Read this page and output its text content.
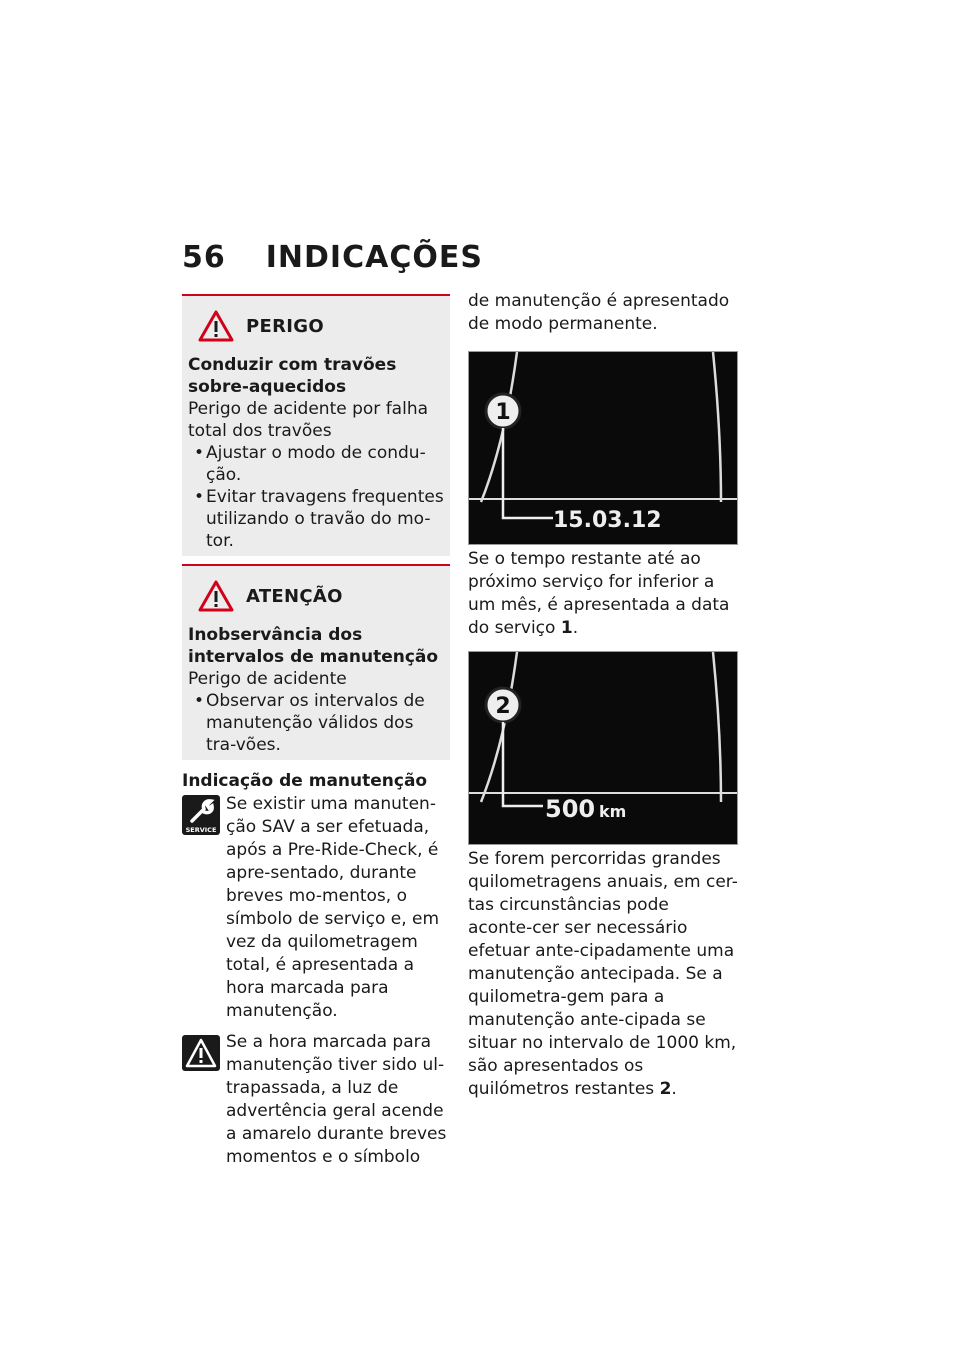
56 INDICAÇÕES
PERIGO
Conduzir com travões sobre-aquecidos
Perigo de acidente por falha total dos travões
• Ajustar o modo de condu-ção.
• Evitar travagens frequentes utilizando o travão do mo-tor.
ATENÇÃO
Inobservância dos intervalos de manutenção
Perigo de acidente
• Observar os intervalos de manutenção válidos dos tra-vões.
Indicação de manutenção
SERVICE

Se existir uma manuten-ção SAV a ser efetuada, após a Pre-Ride-Check, é apre-sentado, durante breves mo-mentos, o símbolo de serviço e, em vez da quilometragem total, é apresentada a hora marcada para manutenção.

Se a hora marcada para manutenção tiver sido ul-trapassada, a luz de advertência geral acende a amarelo durante breves momentos e o símbolo

de manutenção é apresentado de modo permanente.
1
15.03.12
Se o tempo restante até ao próximo serviço for inferior a um mês, é apresentada a data do serviço 1.
2
500 km
Se forem percorridas grandes quilometragens anuais, em cer-tas circunstâncias pode aconte-cer ser necessário efetuar ante-cipadamente uma manutenção antecipada. Se a quilometra-gem para a manutenção ante-cipada se situar no intervalo de 1000 km, são apresentados os quilómetros restantes 2.
